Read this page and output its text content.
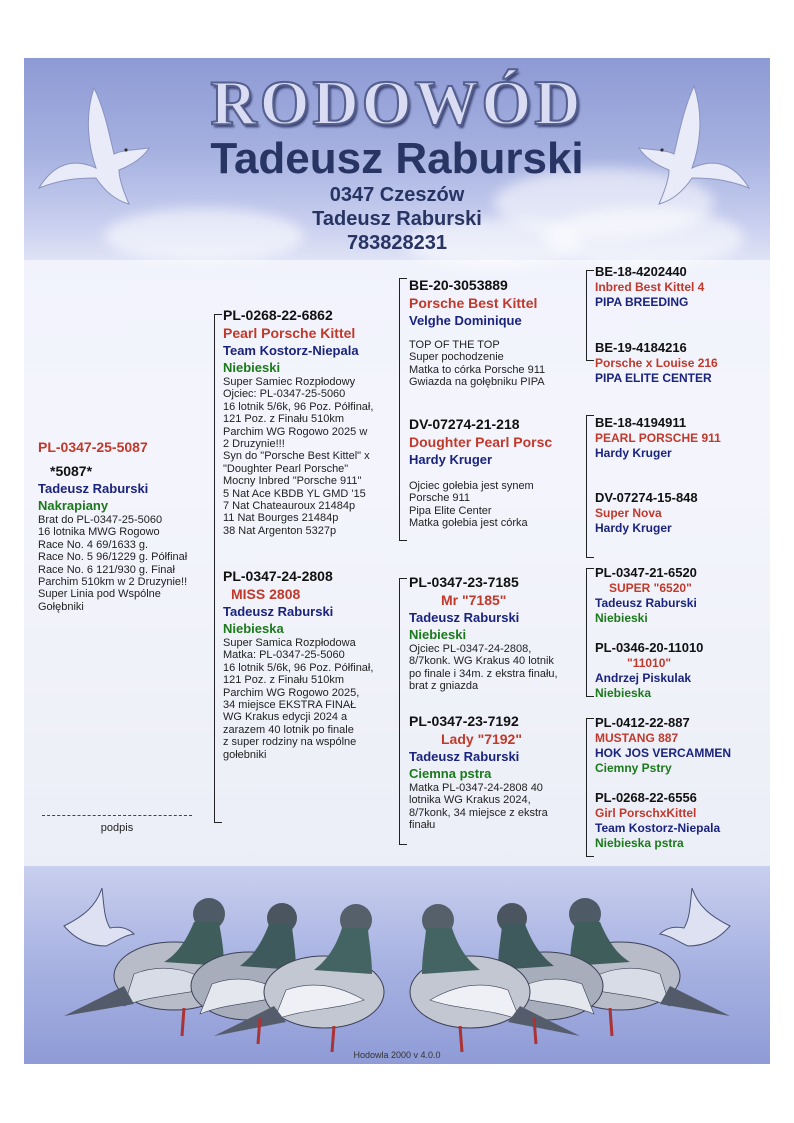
RODOWÓD
Tadeusz Raburski
0347 Czeszów
Tadeusz Raburski
783828231
PL-0347-25-5087
*5087*
Tadeusz Raburski
Nakrapiany
Brat do PL-0347-25-5060
16 lotnika MWG Rogowo
Race No. 4 69/1633 g.
Race No. 5 96/1229 g. Półfinał
Race No. 6 121/930 g. Finał
Parchim 510km w 2 Druzynie!!
Super Linia pod Wspólne
Gołębniki
PL-0268-22-6862
Pearl Porsche Kittel
Team Kostorz-Niepala
Niebieski
Super Samiec Rozpłodowy
Ojciec: PL-0347-25-5060
16 lotnik 5/6k, 96 Poz. Półfinał,
121 Poz. z Finału 510km
Parchim WG Rogowo 2025 w
2 Druzynie!!!
Syn do "Porsche Best Kittel" x
"Doughter Pearl Porsche"
Mocny Inbred "Porsche 911"
5 Nat Ace KBDB YL GMD '15
7 Nat Chateauroux 21484p
11 Nat Bourges 21484p
38 Nat Argenton 5327p
PL-0347-24-2808
MISS 2808
Tadeusz Raburski
Niebieska
Super Samica Rozpłodowa
Matka: PL-0347-25-5060
16 lotnik 5/6k, 96 Poz. Półfinał,
121 Poz. z Finału 510km
Parchim WG Rogowo 2025,
34 miejsce EKSTRA FINAŁ
WG Krakus edycji 2024 a
zarazem 40 lotnik po finale
z super rodziny na wspólne
gołebniki
BE-20-3053889
Porsche Best Kittel
Velghe Dominique
TOP OF THE TOP
Super pochodzenie
Matka to córka Porsche 911
Gwiazda na gołębniku PIPA
DV-07274-21-218
Doughter Pearl Porsc
Hardy Kruger
Ojciec gołebia jest synem
Porsche 911
Pipa Elite Center
Matka gołebia jest córka
PL-0347-23-7185
Mr "7185"
Tadeusz Raburski
Niebieski
Ojciec PL-0347-24-2808,
8/7konk. WG Krakus 40 lotnik
po finale i 34m. z ekstra finału,
brat z gniazda
PL-0347-23-7192
Lady "7192"
Tadeusz Raburski
Ciemna pstra
Matka PL-0347-24-2808 40
lotnika WG Krakus 2024,
8/7konk, 34 miejsce z ekstra
finału
BE-18-4202440
Inbred Best Kittel 4
PIPA BREEDING
BE-19-4184216
Porsche x Louise 216
PIPA ELITE CENTER
BE-18-4194911
PEARL PORSCHE 911
Hardy Kruger
DV-07274-15-848
Super Nova
Hardy Kruger
PL-0347-21-6520
SUPER "6520"
Tadeusz Raburski
Niebieski
PL-0346-20-11010
"11010"
Andrzej Piskulak
Niebieska
PL-0412-22-887
MUSTANG 887
HOK JOS VERCAMMEN
Ciemny Pstry
PL-0268-22-6556
Girl PorschxKittel
Team Kostorz-Niepala
Niebieska pstra
podpis
Hodowla 2000 v 4.0.0
